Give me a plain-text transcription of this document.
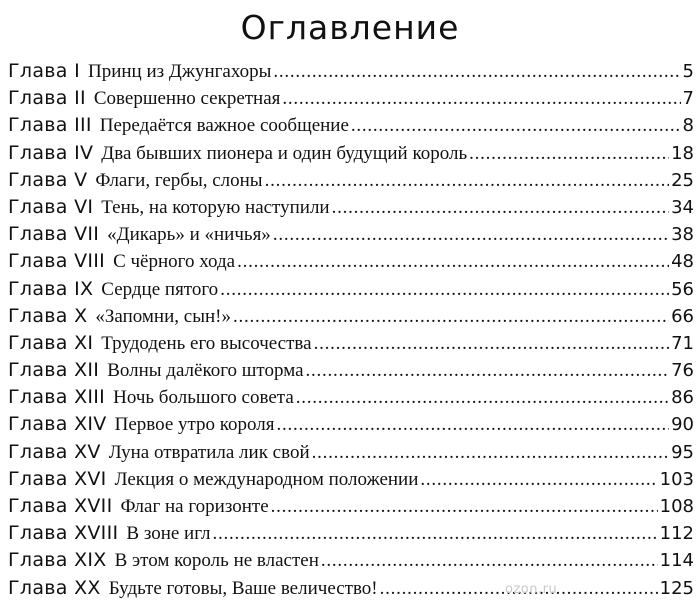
Оглавление
Глава I Принц из Джунгахоры . . .	5
Глава II Совершенно секретная . . .	7
Глава III Передаётся важное сообщение . . .	8
Глава IV Два бывших пионера и один будущий король . . .	18
Глава V Флаги, гербы, слоны . . .	25
Глава VI Тень, на которую наступили . . .	34
Глава VII «Дикарь» и «ничья» . . .	38
Глава VIII С чёрного хода . . .	48
Глава IX Сердце пятого . . .	56
Глава X «Запомни, сын!» . . .	66
Глава XI Трудодень его высочества . . .	71
Глава XII Волны далёкого шторма . . .	76
Глава XIII Ночь большого совета . . .	86
Глава XIV Первое утро короля . . .	90
Глава XV Луна отвратила лик свой . . .	95
Глава XVI Лекция о международном положении . . .	103
Глава XVII Флаг на горизонте . . .	108
Глава XVIII В зоне игл . . .	112
Глава XIX В этом король не властен . . .	114
Глава XX Будьте готовы, Ваше величество! . . .	125
ozon.ru
